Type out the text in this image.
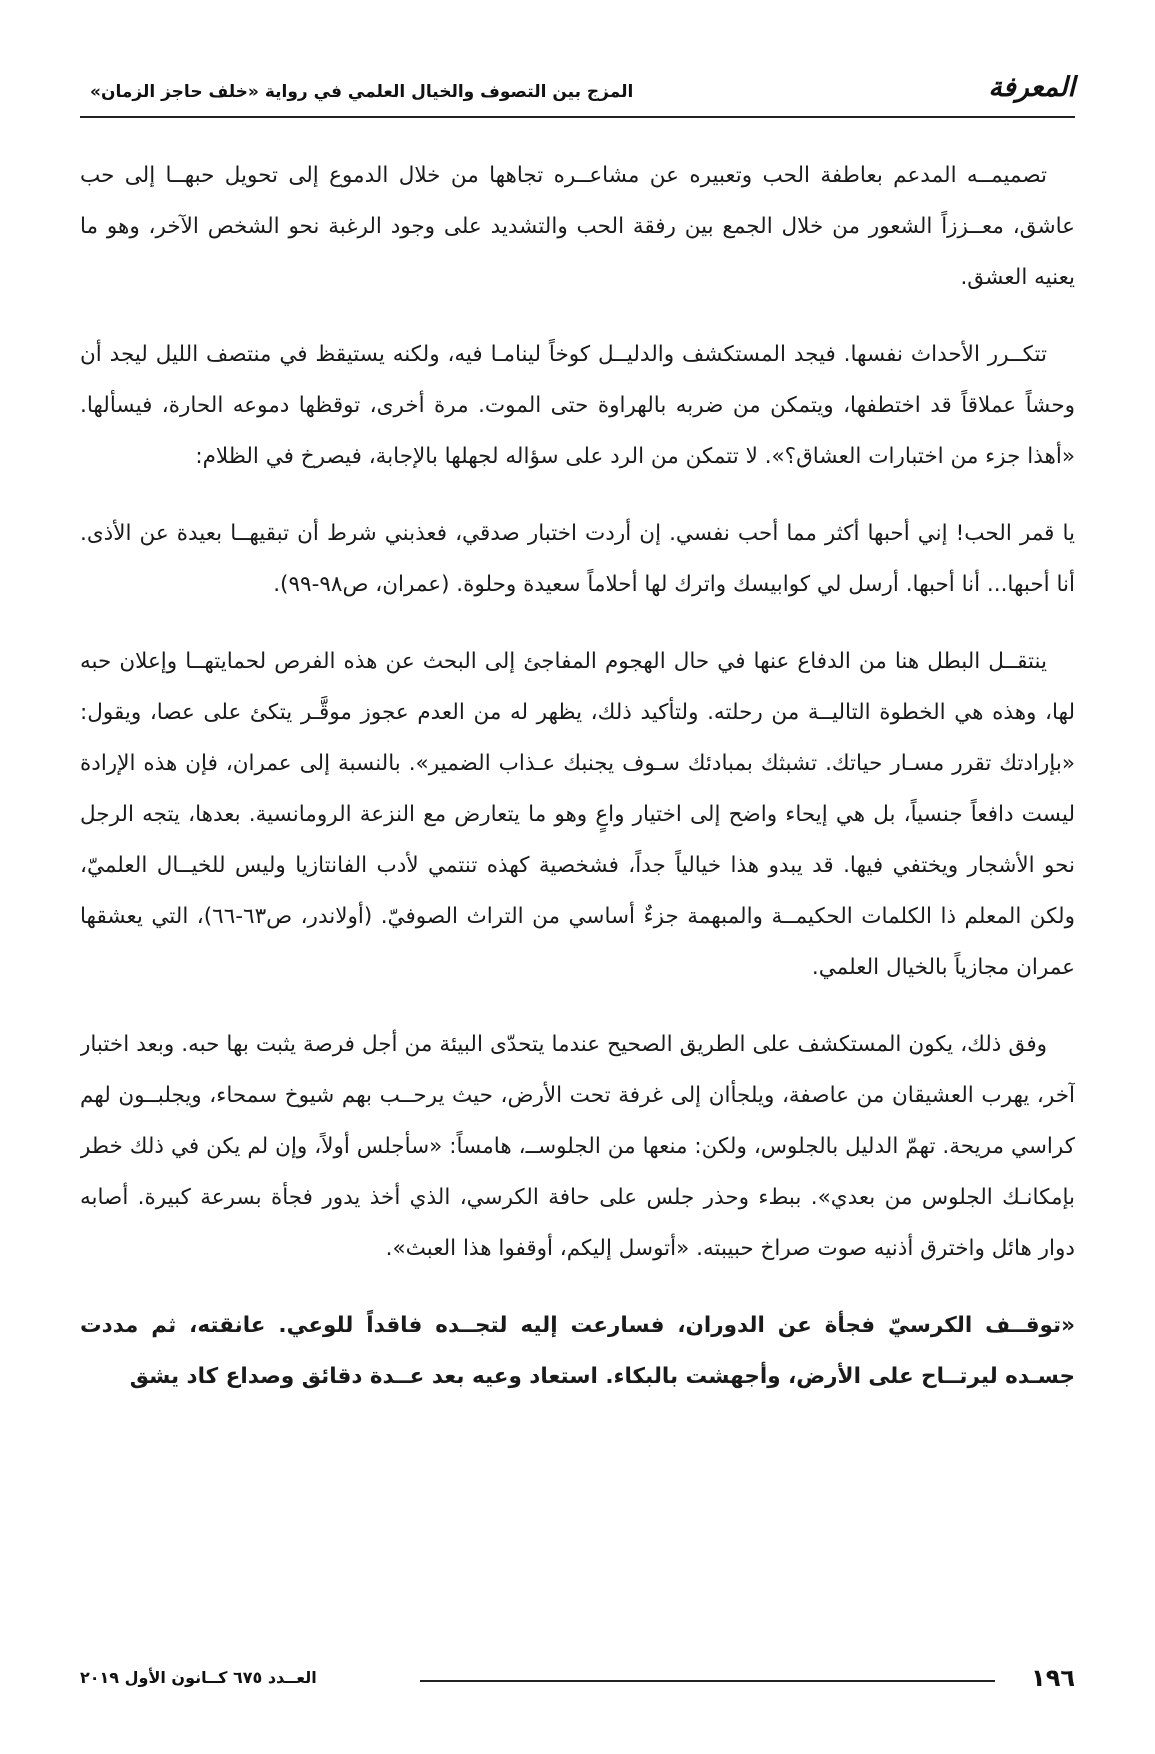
المعرفة
المزج بين التصوف والخيال العلمي في رواية «خلف حاجز الزمان»

تصميمــه المدعم بعاطفة الحب وتعبيره عن مشاعــره تجاهها من خلال الدموع إلى تحويل حبهــا إلى حب عاشق، معــززاً الشعور من خلال الجمع بين رفقة الحب والتشديد على وجود الرغبة نحو الشخص الآخر، وهو ما يعنيه العشق.

تتكــرر الأحداث نفسها. فيجد المستكشف والدليــل كوخاً لينامـا فيه، ولكنه يستيقظ في منتصف الليل ليجد أن وحشاً عملاقاً قد اختطفها، ويتمكن من ضربه بالهراوة حتى الموت. مرة أخرى، توقظها دموعه الحارة، فيسألها. «أهذا جزء من اختبارات العشاق؟». لا تتمكن من الرد على سؤاله لجهلها بالإجابة، فيصرخ في الظلام:

يا قمر الحب! إني أحبها أكثر مما أحب نفسي. إن أردت اختبار صدقي، فعذبني شرط أن تبقيهــا بعيدة عن الأذى. أنا أحبها... أنا أحبها. أرسل لي كوابيسك واترك لها أحلاماً سعيدة وحلوة. (عمران، ص٩٨-٩٩).

ينتقــل البطل هنا من الدفاع عنها في حال الهجوم المفاجئ إلى البحث عن هذه الفرص لحمايتهــا وإعلان حبه لها، وهذه هي الخطوة التاليــة من رحلته. ولتأكيد ذلك، يظهر له من العدم عجوز موقَّـر يتكئ على عصا، ويقول: «بإرادتك تقرر مسـار حياتك. تشبثك بمبادئك سـوف يجنبك عـذاب الضمير». بالنسبة إلى عمران، فإن هذه الإرادة ليست دافعاً جنسياً، بل هي إيحاء واضح إلى اختيار واعٍ وهو ما يتعارض مع النزعة الرومانسية. بعدها، يتجه الرجل نحو الأشجار ويختفي فيها. قد يبدو هذا خيالياً جداً، فشخصية كهذه تنتمي لأدب الفانتازيا وليس للخيــال العلميّ، ولكن المعلم ذا الكلمات الحكيمــة والمبهمة جزءٌ أساسي من التراث الصوفيّ. (أولاندر، ص٦٣-٦٦)، التي يعشقها عمران مجازياً بالخيال العلمي.

وفق ذلك، يكون المستكشف على الطريق الصحيح عندما يتحدّى البيئة من أجل فرصة يثبت بها حبه. وبعد اختبار آخر، يهرب العشيقان من عاصفة، ويلجأان إلى غرفة تحت الأرض، حيث يرحــب بهم شيوخ سمحاء، ويجلبــون لهم كراسي مريحة. تهمّ الدليل بالجلوس، ولكن: منعها من الجلوســ، هامساً: «سأجلس أولاً، وإن لم يكن في ذلك خطر بإمكانـك الجلوس من بعدي». ببطء وحذر جلس على حافة الكرسي، الذي أخذ يدور فجأة بسرعة كبيرة. أصابه دوار هائل واخترق أذنيه صوت صراخ حبيبته. «أتوسل إليكم، أوقفوا هذا العبث».

«توقــف الكرسيّ فجأة عن الدوران، فسارعت إليه لتجــده فاقداً للوعي. عانقته، ثم مددت جسـده ليرتــاح على الأرض، وأجهشت بالبكاء. استعاد وعيه بعد عــدة دقائق وصداع كاد يشق

١٩٦
العــدد ٦٧٥ كــانون الأول ٢٠١٩
